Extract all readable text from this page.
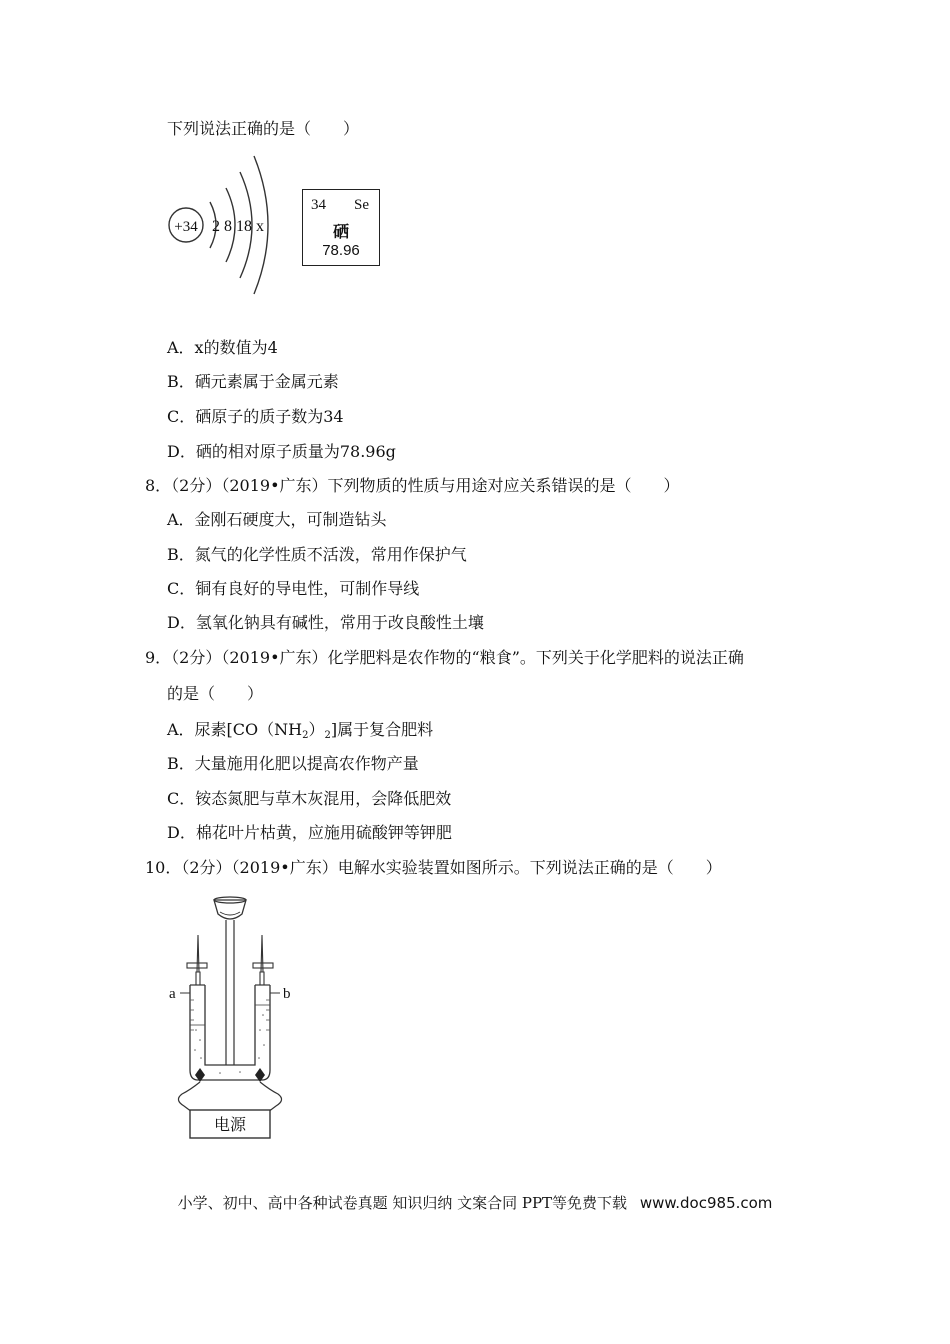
下列说法正确的是（　　）
+34 2 8 18 x
34 Se
硒
78.96
A．x的数值为4
B．硒元素属于金属元素
C．硒原子的质子数为34
D．硒的相对原子质量为78.96g
8．（2分）（2019•广东）下列物质的性质与用途对应关系错误的是（　　）
A．金刚石硬度大，可制造钻头
B．氮气的化学性质不活泼，常用作保护气
C．铜有良好的导电性，可制作导线
D．氢氧化钠具有碱性，常用于改良酸性土壤
9．（2分）（2019•广东）化学肥料是农作物的“粮食”。下列关于化学肥料的说法正确
的是（　　）
A．尿素$[CO(NH_2)_2]$属于复合肥料
B．大量施用化肥以提高农作物产量
C．铵态氮肥与草木灰混用，会降低肥效
D．棉花叶片枯黄，应施用硫酸钾等钾肥
10．（2分）（2019•广东）电解水实验装置如图所示。下列说法正确的是（　　）
a	b
电源
小学、初中、高中各种试卷真题 知识归纳 文案合同 PPT等免费下载 www.doc985.com
